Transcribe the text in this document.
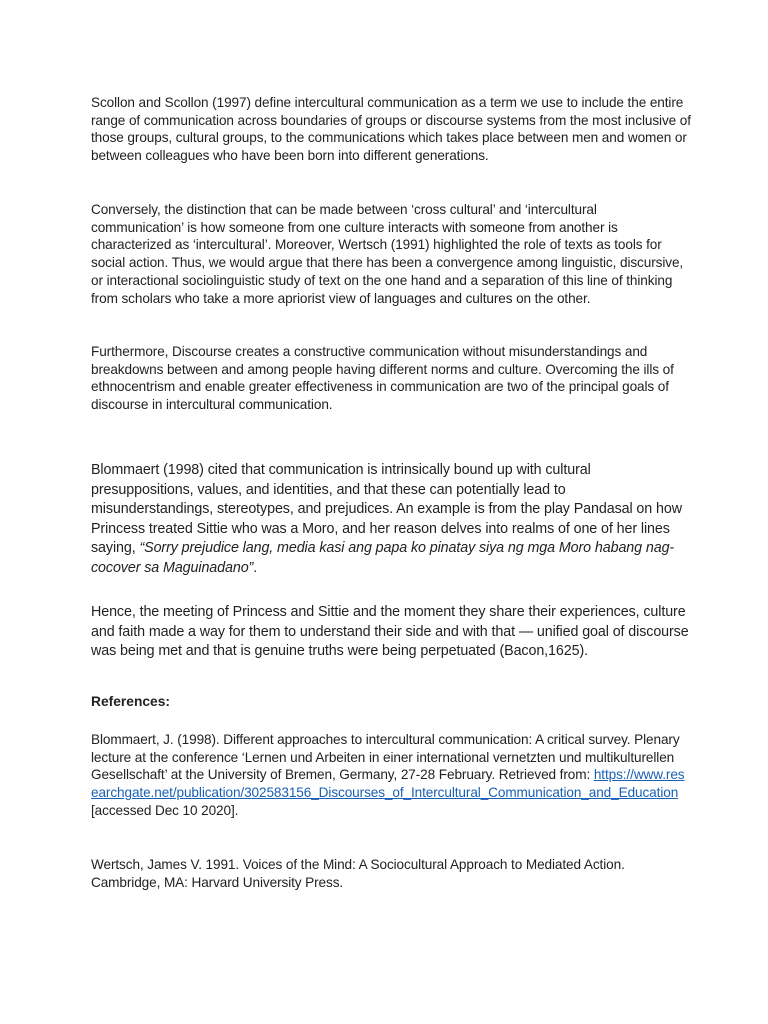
Scollon and Scollon (1997) define intercultural communication as a term we use to include the entire range of communication across boundaries of groups or discourse systems from the most inclusive of those groups, cultural groups, to the communications which takes place between men and women or between colleagues who have been born into different generations.

Conversely, the distinction that can be made between ‘cross cultural’ and ‘intercultural communication’ is how someone from one culture interacts with someone from another is characterized as ‘intercultural’. Moreover, Wertsch (1991) highlighted the role of texts as tools for social action. Thus, we would argue that there has been a convergence among linguistic, discursive, or interactional sociolinguistic study of text on the one hand and a separation of this line of thinking from scholars who take a more apriorist view of languages and cultures on the other.

Furthermore, Discourse creates a constructive communication without misunderstandings and breakdowns between and among people having different norms and culture. Overcoming the ills of ethnocentrism and enable greater effectiveness in communication are two of the principal goals of discourse in intercultural communication.

Blommaert (1998) cited that communication is intrinsically bound up with cultural presuppositions, values, and identities, and that these can potentially lead to misunderstandings, stereotypes, and prejudices. An example is from the play Pandasal on how Princess treated Sittie who was a Moro, and her reason delves into realms of one of her lines saying, “Sorry prejudice lang, media kasi ang papa ko pinatay siya ng mga Moro habang nag-cocover sa Maguinadano”.

Hence, the meeting of Princess and Sittie and the moment they share their experiences, culture and faith made a way for them to understand their side and with that — unified goal of discourse was being met and that is genuine truths were being perpetuated (Bacon,1625).

References:

Blommaert, J. (1998). Different approaches to intercultural communication: A critical survey. Plenary lecture at the conference ‘Lernen und Arbeiten in einer international vernetzten und multikulturellen Gesellschaft’ at the University of Bremen, Germany, 27-28 February. Retrieved from: https://www.researchgate.net/publication/302583156_Discourses_of_Intercultural_Communication_and_Education [accessed Dec 10 2020].

Wertsch, James V. 1991. Voices of the Mind: A Sociocultural Approach to Mediated Action. Cambridge, MA: Harvard University Press.
